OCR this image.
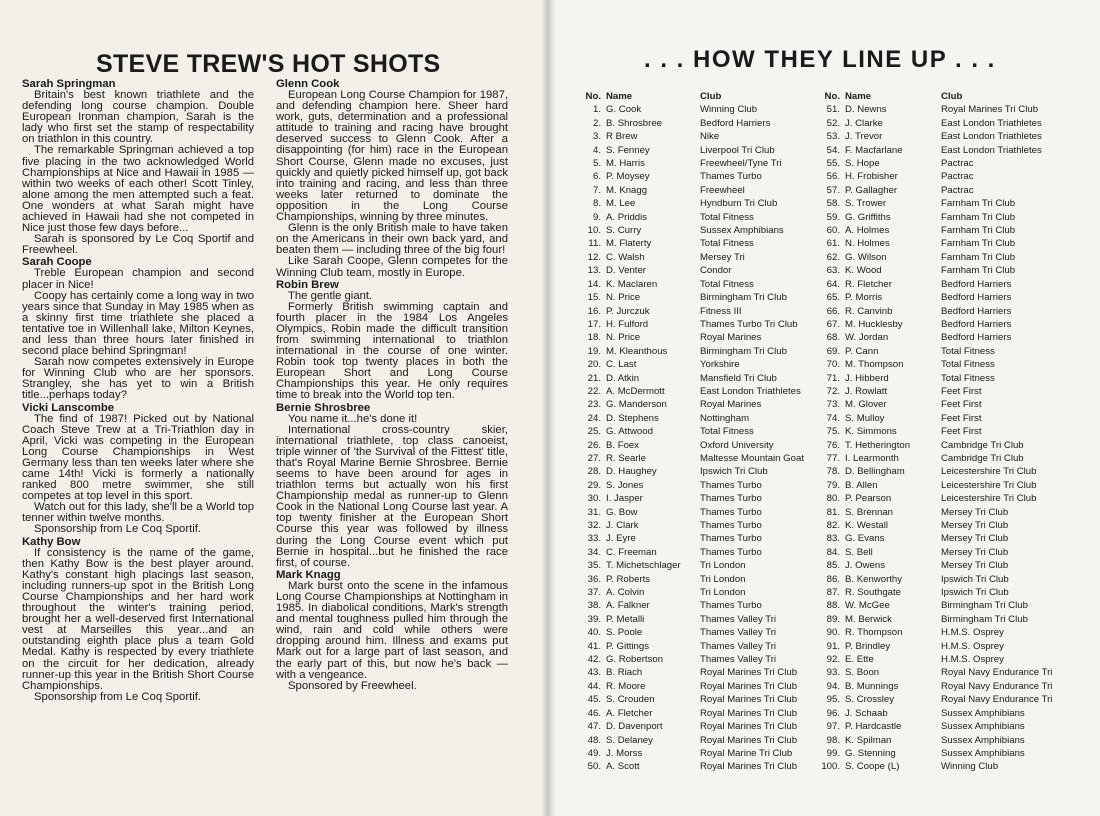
STEVE TREW'S HOT SHOTS
Sarah Springman

Britain's best known triathlete and the defending long course champion. Double European Ironman champion, Sarah is the lady who first set the stamp of respectability on triathlon in this country.

The remarkable Springman achieved a top five placing in the two acknowledged World Championships at Nice and Hawaii in 1985 — within two weeks of each other! Scott Tinley, alone among the men attempted such a feat. One wonders at what Sarah might have achieved in Hawaii had she not competed in Nice just those few days before...

Sarah is sponsored by Le Coq Sportif and Freewheel.

Sarah Coope

Treble European champion and second placer in Nice!

Coopy has certainly come a long way in two years since that Sunday in May 1985 when as a skinny first time triathlete she placed a tentative toe in Willenhall lake, Milton Keynes, and less than three hours later finished in second place behind Springman!

Sarah now competes extensively in Europe for Winning Club who are her sponsors. Strangley, she has yet to win a British title...perhaps today?

Vicki Lanscombe

The find of 1987! Picked out by National Coach Steve Trew at a Tri-Triathlon day in April, Vicki was competing in the European Long Course Championships in West Germany less than ten weeks later where she came 14th! Vicki is formerly a nationally ranked 800 metre swimmer, she still competes at top level in this sport.

Watch out for this lady, she'll be a World top tenner within twelve months.

Sponsorship from Le Coq Sportif.

Kathy Bow

If consistency is the name of the game, then Kathy Bow is the best player around. Kathy's constant high placings last season, including runners-up spot in the British Long Course Championships and her hard work throughout the winter's training period, brought her a well-deserved first International vest at Marseilles this year...and an outstanding eighth place plus a team Gold Medal. Kathy is respected by every triathlete on the circuit for her dedication, already runner-up this year in the British Short Course Championships.

Sponsorship from Le Coq Sportif.

Glenn Cook

European Long Course Champion for 1987, and defending champion here. Sheer hard work, guts, determination and a professional attitude to training and racing have brought deserved success to Glenn Cook. After a disappointing (for him) race in the European Short Course, Glenn made no excuses, just quickly and quietly picked himself up, got back into training and racing, and less than three weeks later returned to dominate the opposition in the Long Course Championships, winning by three minutes.

Glenn is the only British male to have taken on the Americans in their own back yard, and beaten them — including three of the big four!

Like Sarah Coope, Glenn competes for the Winning Club team, mostly in Europe.

Robin Brew

The gentle giant.

Formerly British swimming captain and fourth placer in the 1984 Los Angeles Olympics, Robin made the difficult transition from swimming international to triathlon international in the course of one winter. Robin took top twenty places in both the European Short and Long Course Championships this year. He only requires time to break into the World top ten.

Bernie Shrosbree

You name it...he's done it!

International cross-country skier, international triathlete, top class canoeist, triple winner of 'the Survival of the Fittest' title, that's Royal Marine Bernie Shrosbree. Bernie seems to have been around for ages in triathlon terms but actually won his first Championship medal as runner-up to Glenn Cook in the National Long Course last year. A top twenty finisher at the European Short Course this year was followed by illness during the Long Course event which put Bernie in hospital...but he finished the race first, of course.

Mark Knagg

Mark burst onto the scene in the infamous Long Course Championships at Nottingham in 1985. In diabolical conditions, Mark's strength and mental toughness pulled him through the wind, rain and cold while others were dropping around him. Illness and exams put Mark out for a large part of last season, and the early part of this, but now he's back — with a vengeance.

Sponsored by Freewheel.

. . . HOW THEY LINE UP . . .
No.	Name	Club
1.	G. Cook	Winning Club
2.	B. Shrosbree	Bedford Harriers
3.	R Brew	Nike
4.	S. Fenney	Liverpool Tri Club
5.	M. Harris	Freewheel/Tyne Tri
6.	P. Moysey	Thames Turbo
7.	M. Knagg	Freewheel
8.	M. Lee	Hyndburn Tri Club
9.	A. Priddis	Total Fitness
10.	S. Curry	Sussex Amphibians
11.	M. Flaterty	Total Fitness
12.	C. Walsh	Mersey Tri
13.	D. Venter	Condor
14.	K. Maclaren	Total Fitness
15.	N. Price	Birmingham Tri Club
16.	P. Jurczuk	Fitness III
17.	H. Fulford	Thames Turbo Tri Club
18.	N. Price	Royal Marines
19.	M. Kleanthous	Birmingham Tri Club
20.	C. Last	Yorkshire
21.	D. Atkin	Mansfield Tri Club
22.	A. McDermott	East London Triathletes
23.	G. Manderson	Royal Marines
24.	D. Stephens	Nottingham
25.	G. Attwood	Total Fitness
26.	B. Foex	Oxford University
27.	R. Searle	Maltesse Mountain Goat
28.	D. Haughey	Ipswich Tri Club
29.	S. Jones	Thames Turbo
30.	I. Jasper	Thames Turbo
31.	G. Bow	Thames Turbo
32.	J. Clark	Thames Turbo
33.	J. Eyre	Thames Turbo
34.	C. Freeman	Thames Turbo
35.	T. Michetschlager	Tri London
36.	P. Roberts	Tri London
37.	A. Colvin	Tri London
38.	A. Falkner	Thames Turbo
39.	P. Metalli	Thames Valley Tri
40.	S. Poole	Thames Valley Tri
41.	P. Gittings	Thames Valley Tri
42.	G. Robertson	Thames Valley Tri
43.	B. Riach	Royal Marines Tri Club
44.	R. Moore	Royal Marines Tri Club
45.	S. Crouden	Royal Marines Tri Club
46.	A. Fletcher	Royal Marines Tri Club
47.	D. Davenport	Royal Marines Tri Club
48.	S. Delaney	Royal Marines Tri Club
49.	J. Morss	Royal Marine Tri Club
50.	A. Scott	Royal Marines Tri Club
No.	Name	Club
51.	D. Newns	Royal Marines Tri Club
52.	J. Clarke	East London Triathletes
53.	J. Trevor	East London Triathletes
54.	F. Macfarlane	East London Triathletes
55.	S. Hope	Pactrac
56.	H. Frobisher	Pactrac
57.	P. Gallagher	Pactrac
58.	S. Trower	Farnham Tri Club
59.	G. Griffiths	Farnham Tri Club
60.	A. Holmes	Farnham Tri Club
61.	N. Holmes	Farnham Tri Club
62.	G. Wilson	Farnham Tri Club
63.	K. Wood	Farnham Tri Club
64.	R. Fletcher	Bedford Harriers
65.	P. Morris	Bedford Harriers
66.	R. Canvinb	Bedford Harriers
67.	M. Hucklesby	Bedford Harriers
68.	W. Jordan	Bedford Harriers
69.	P. Cann	Total Fitness
70.	M. Thompson	Total Fitness
71.	J. Hibberd	Total Fitness
72.	J. Rowlatt	Feet First
73.	M. Glover	Feet First
74.	S. Mulloy	Feet First
75.	K. Simmons	Feet First
76.	T. Hetherington	Cambridge Tri Club
77.	I. Learmonth	Cambridge Tri Club
78.	D. Bellingham	Leicestershire Tri Club
79.	B. Allen	Leicestershire Tri Club
80.	P. Pearson	Leicestershire Tri Club
81.	S. Brennan	Mersey Tri Club
82.	K. Westall	Mersey Tri Club
83.	G. Evans	Mersey Tri Club
84.	S. Bell	Mersey Tri Club
85.	J. Owens	Mersey Tri Club
86.	B. Kenworthy	Ipswich Tri Club
87.	R. Southgate	Ipswich Tri Club
88.	W. McGee	Birmingham Tri Club
89.	M. Berwick	Birmingham Tri Club
90.	R. Thompson	H.M.S. Osprey
91.	P. Brindley	H.M.S. Osprey
92.	E. Ette	H.M.S. Osprey
93.	S. Boon	Royal Navy Endurance Tri
94.	B. Munnings	Royal Navy Endurance Tri
95.	S. Crossley	Royal Navy Endurance Tri
96.	J. Schaab	Sussex Amphibians
97.	P. Hardcastle	Sussex Amphibians
98.	K. Spilman	Sussex Amphibians
99.	G. Stenning	Sussex Amphibians
100.	S. Coope (L)	Winning Club
